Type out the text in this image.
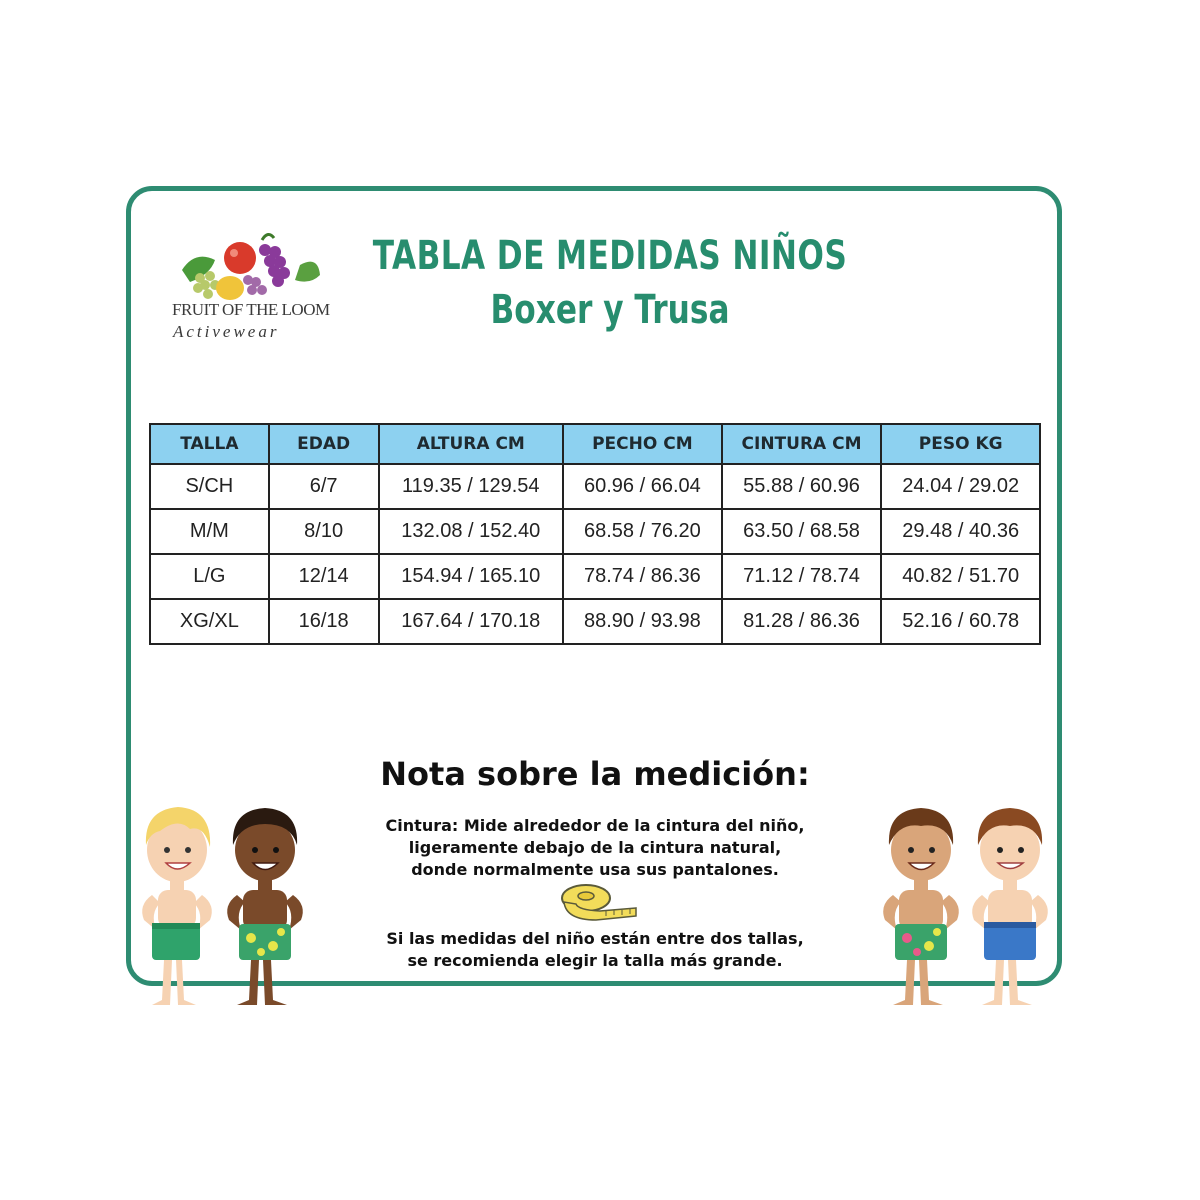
FRUIT OF THE LOOM
Activewear
TABLA DE MEDIDAS NIÑOS
Boxer y Trusa
TALLA	EDAD	ALTURA CM	PECHO CM	CINTURA CM	PESO KG
S/CH	6/7	119.35 / 129.54	60.96 / 66.04	55.88 / 60.96	24.04 / 29.02
M/M	8/10	132.08 / 152.40	68.58 / 76.20	63.50 / 68.58	29.48 / 40.36
L/G	12/14	154.94 / 165.10	78.74 / 86.36	71.12 / 78.74	40.82 / 51.70
XG/XL	16/18	167.64 / 170.18	88.90 / 93.98	81.28 / 86.36	52.16 / 60.78
Nota sobre la medición:
Cintura: Mide alrededor de la cintura del niño,
ligeramente debajo de la cintura natural,
donde normalmente usa sus pantalones.
Si las medidas del niño están entre dos tallas,
se recomienda elegir la talla más grande.
